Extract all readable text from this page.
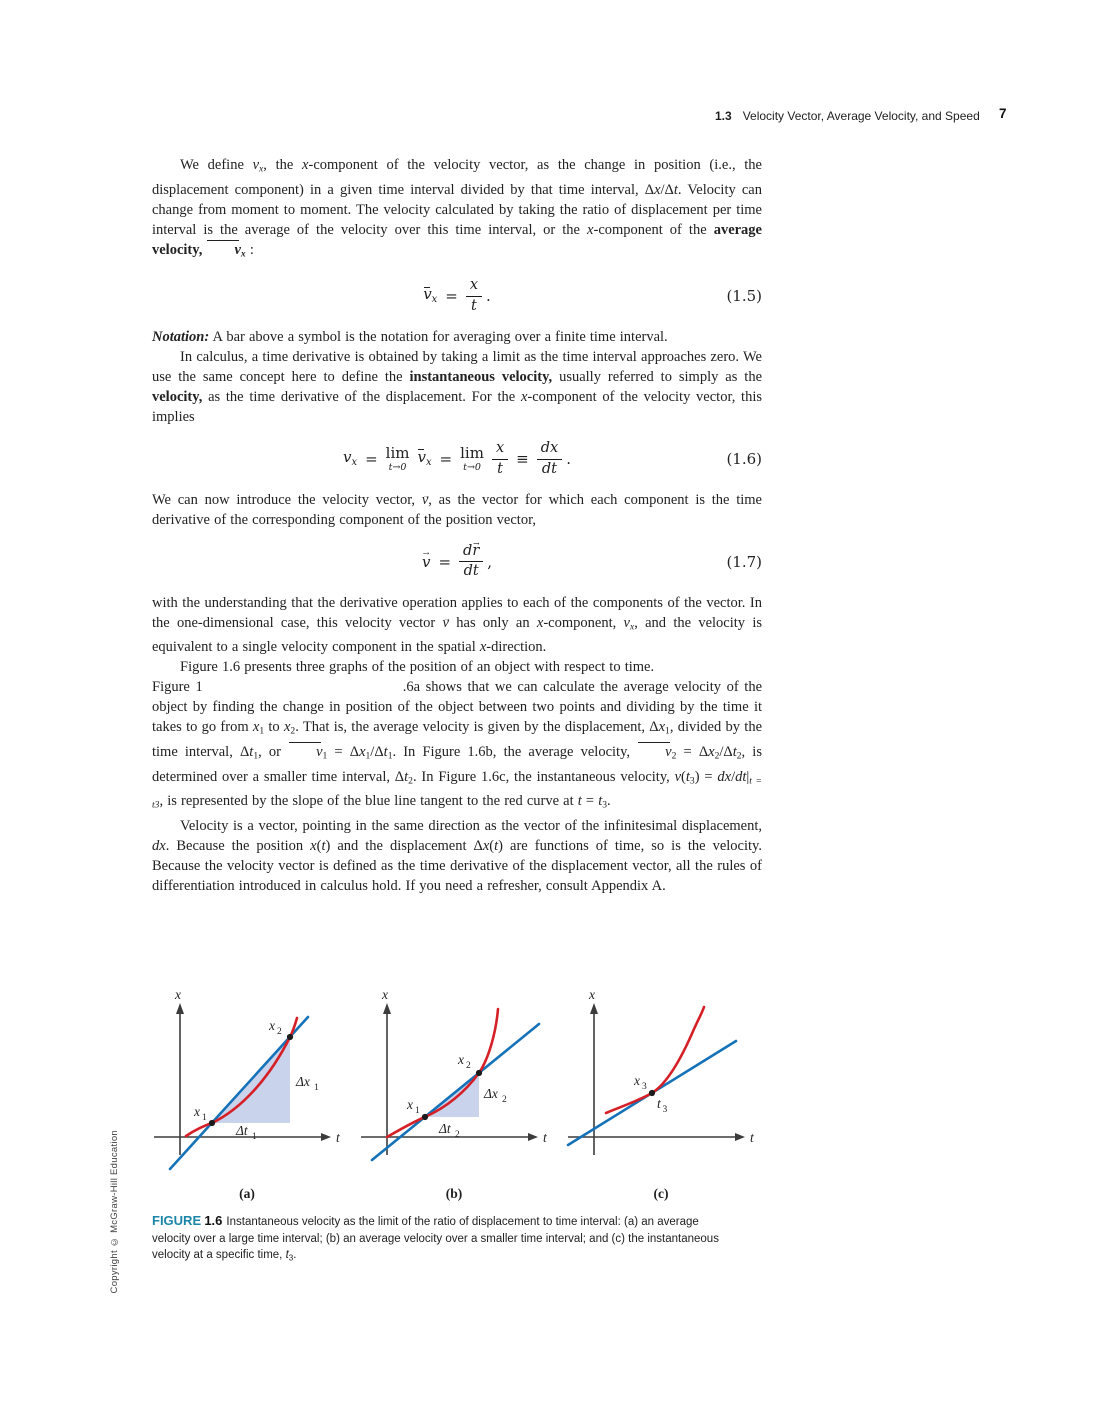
1.3 Velocity Vector, Average Velocity, and Speed 7

We define vx, the x-component of the velocity vector, as the change in position (i.e., the displacement component) in a given time interval divided by that time interval, Δx/Δt. Velocity can change from moment to moment. The velocity calculated by taking the ratio of displacement per time interval is the average of the velocity over this time interval, or the x-component of the average velocity, vx :

vx = $\frac{x}{t}$ .	(1.5)

Notation: A bar above a symbol is the notation for averaging over a finite time interval.

In calculus, a time derivative is obtained by taking a limit as the time interval approaches zero. We use the same concept here to define the instantaneous velocity, usually referred to simply as the velocity, as the time derivative of the displacement. For the x-component of the velocity vector, this implies

vx = lim
t→0
vx = lim
$t\to 0 \frac{x}{t} \equiv \frac{dx}{dt}$ .	(1.6)

We can now introduce the velocity vector, v →, as the vector for which each component is the time derivative of the corresponding component of the position vector,

v → = $\frac{dr \to}{dt}$ ,	(1.7)

with the understanding that the derivative operation applies to each of the components of the vector. In the one-dimensional case, this velocity vector v → has only an x-component, vx, and the velocity is equivalent to a single velocity component in the spatial x-direction.

Figure 1.6 presents three graphs of the position of an object with respect to time.
Figure 1	.6a shows that we can calculate the average velocity of the object by finding the change in position of the object between two points and dividing by the time it takes to go from x1 to x2. That is, the average velocity is given by the displacement, Δx1, divided by the time interval, Δt1, or v1 = Δx1/Δt1. In Figure 1.6b, the average velocity, v2 = Δx2/Δt2, is determined over a smaller time interval, Δt2. In Figure 1.6c, the instantaneous velocity, v(t3) = dx/dt|t = t3, is represented by the slope of the blue line tangent to the red curve at t = t3.

Velocity is a vector, pointing in the same direction as the vector of the infinitesimal displacement, dx. Because the position x(t) and the displacement Δx(t) are functions of time, so is the velocity. Because the velocity vector is defined as the time derivative of the displacement vector, all the rules of differentiation introduced in calculus hold. If you need a refresher, consult Appendix A.

t
x
x 1
x 2
Δx 1
Δt 1
(a)
t
x
x 1
x 2
Δx 2
Δt 2
(b)
t
x
x 3
t 3
(c)
FIGURE 1.6 Instantaneous velocity as the limit of the ratio of displacement to time interval: (a) an average velocity over a large time interval; (b) an average velocity over a smaller time interval; and (c) the instantaneous velocity at a specific time, t3.
Copyright © McGraw-Hill Education
